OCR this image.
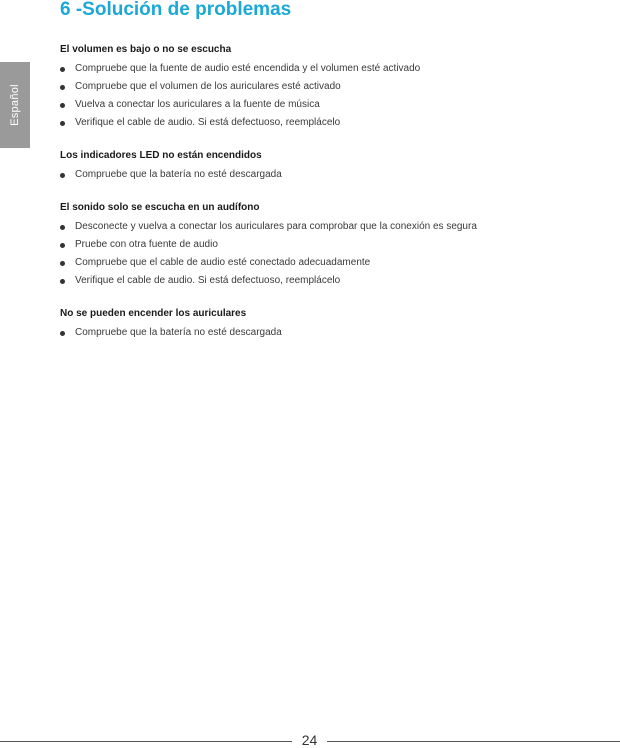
Español
6 -Solución de problemas
El volumen es bajo o no se escucha
Compruebe que la fuente de audio esté encendida y el volumen esté activado
Compruebe que el volumen de los auriculares esté activado
Vuelva a conectar los auriculares a la fuente de música
Verifique el cable de audio. Si está defectuoso, reemplácelo
Los indicadores LED no están encendidos
Compruebe que la batería no esté descargada
El sonido solo se escucha en un audífono
Desconecte y vuelva a conectar los auriculares para comprobar que la conexión es segura
Pruebe con otra fuente de audio
Compruebe que el cable de audio esté conectado adecuadamente
Verifique el cable de audio. Si está defectuoso, reemplácelo
No se pueden encender los auriculares
Compruebe que la batería no esté descargada
24
